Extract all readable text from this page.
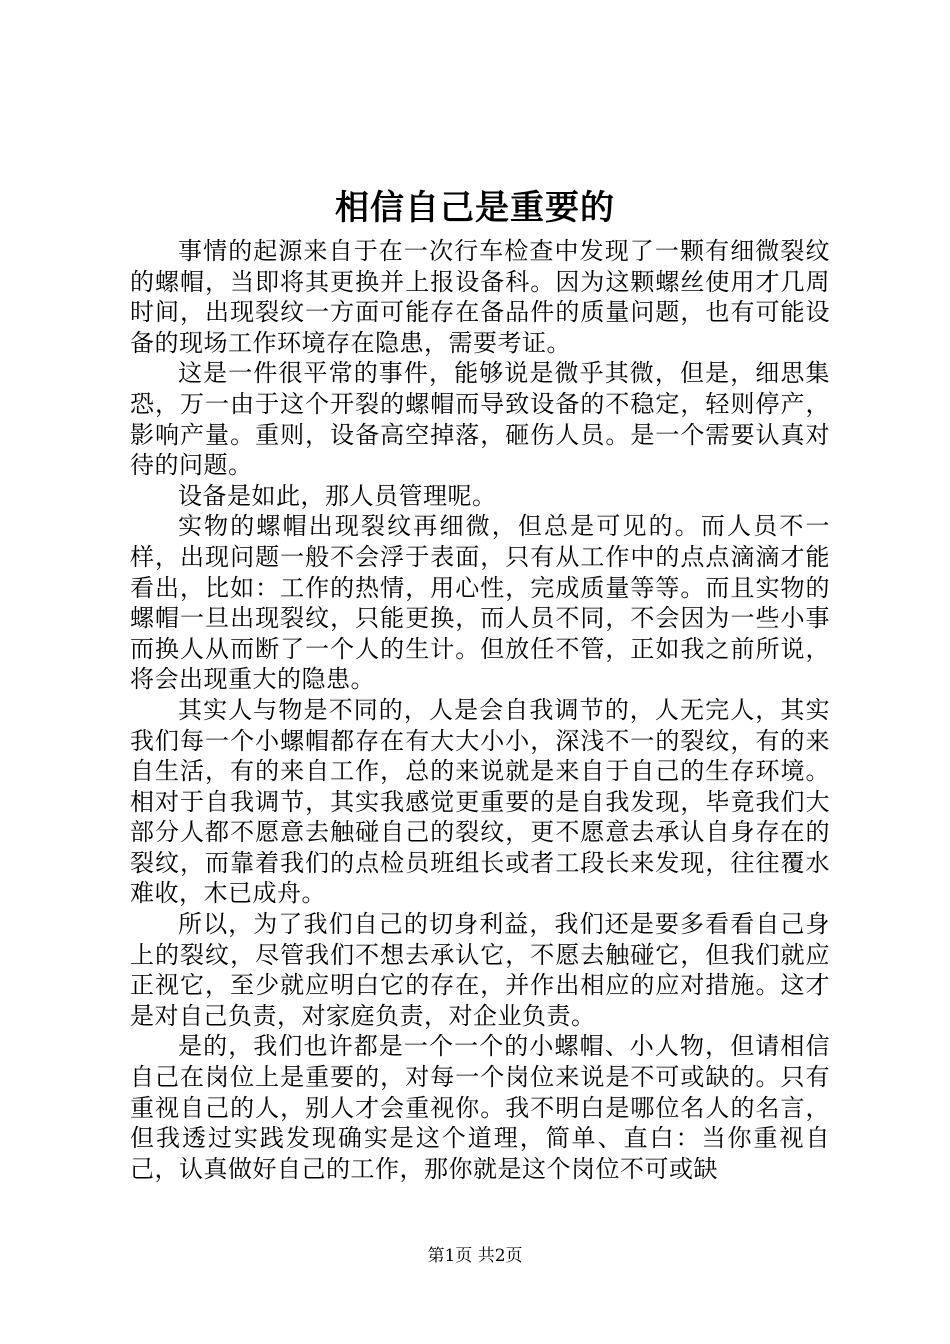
相信自己是重要的

事情的起源来自于在一次行车检查中发现了一颗有细微裂纹的螺帽，当即将其更换并上报设备科。因为这颗螺丝使用才几周时间，出现裂纹一方面可能存在备品件的质量问题，也有可能设备的现场工作环境存在隐患，需要考证。

这是一件很平常的事件，能够说是微乎其微，但是，细思集恐，万一由于这个开裂的螺帽而导致设备的不稳定，轻则停产，影响产量。重则，设备高空掉落，砸伤人员。是一个需要认真对待的问题。

设备是如此，那人员管理呢。

实物的螺帽出现裂纹再细微，但总是可见的。而人员不一样，出现问题一般不会浮于表面，只有从工作中的点点滴滴才能看出，比如：工作的热情，用心性，完成质量等等。而且实物的螺帽一旦出现裂纹，只能更换，而人员不同，不会因为一些小事而换人从而断了一个人的生计。但放任不管，正如我之前所说，将会出现重大的隐患。

其实人与物是不同的，人是会自我调节的，人无完人，其实我们每一个小螺帽都存在有大大小小，深浅不一的裂纹，有的来自生活，有的来自工作，总的来说就是来自于自己的生存环境。相对于自我调节，其实我感觉更重要的是自我发现，毕竟我们大部分人都不愿意去触碰自己的裂纹，更不愿意去承认自身存在的裂纹，而靠着我们的点检员班组长或者工段长来发现，往往覆水难收，木已成舟。

所以，为了我们自己的切身利益，我们还是要多看看自己身上的裂纹，尽管我们不想去承认它，不愿去触碰它，但我们就应正视它，至少就应明白它的存在，并作出相应的应对措施。这才是对自己负责，对家庭负责，对企业负责。

是的，我们也许都是一个一个的小螺帽、小人物，但请相信自己在岗位上是重要的，对每一个岗位来说是不可或缺的。只有重视自己的人，别人才会重视你。我不明白是哪位名人的名言，但我透过实践发现确实是这个道理，简单、直白：当你重视自己，认真做好自己的工作，那你就是这个岗位不可或缺

第1页 共2页
